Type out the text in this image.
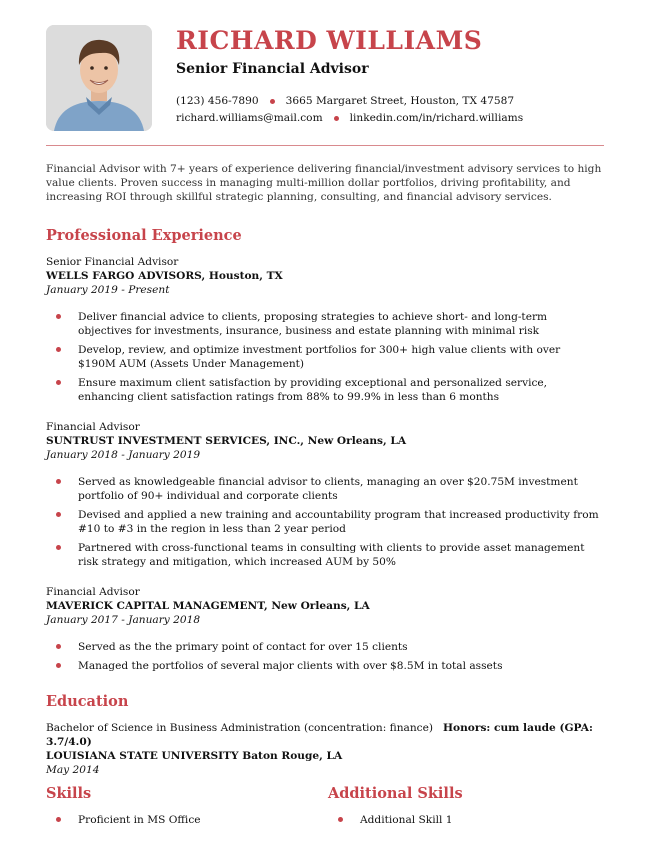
RICHARD WILLIAMS
Senior Financial Advisor
(123) 456-7890	3665 Margaret Street, Houston, TX 47587
richard.williams@mail.com	linkedin.com/in/richard.williams

Financial Advisor with 7+ years of experience delivering financial/investment advisory services to high value clients. Proven success in managing multi-million dollar portfolios, driving profitability, and increasing ROI through skillful strategic planning, consulting, and financial advisory services.

Professional Experience
Senior Financial Advisor
WELLS FARGO ADVISORS, Houston, TX
January 2019 - Present
Deliver financial advice to clients, proposing strategies to achieve short- and long-term objectives for investments, insurance, business and estate planning with minimal risk
Develop, review, and optimize investment portfolios for 300+ high value clients with over $190M AUM (Assets Under Management)
Ensure maximum client satisfaction by providing exceptional and personalized service, enhancing client satisfaction ratings from 88% to 99.9% in less than 6 months
Financial Advisor
SUNTRUST INVESTMENT SERVICES, INC., New Orleans, LA
January 2018 - January 2019
Served as knowledgeable financial advisor to clients, managing an over $20.75M investment portfolio of 90+ individual and corporate clients
Devised and applied a new training and accountability program that increased productivity from #10 to #3 in the region in less than 2 year period
Partnered with cross-functional teams in consulting with clients to provide asset management risk strategy and mitigation, which increased AUM by 50%
Financial Advisor
MAVERICK CAPITAL MANAGEMENT, New Orleans, LA
January 2017 - January 2018
Served as the the primary point of contact for over 15 clients
Managed the portfolios of several major clients with over $8.5M in total assets
Education
Bachelor of Science in Business Administration (concentration: finance) Honors: cum laude (GPA: 3.7/4.0)
LOUISIANA STATE UNIVERSITY Baton Rouge, LA
May 2014
Skills
Proficient in MS Office
Additional Skills
Additional Skill 1
